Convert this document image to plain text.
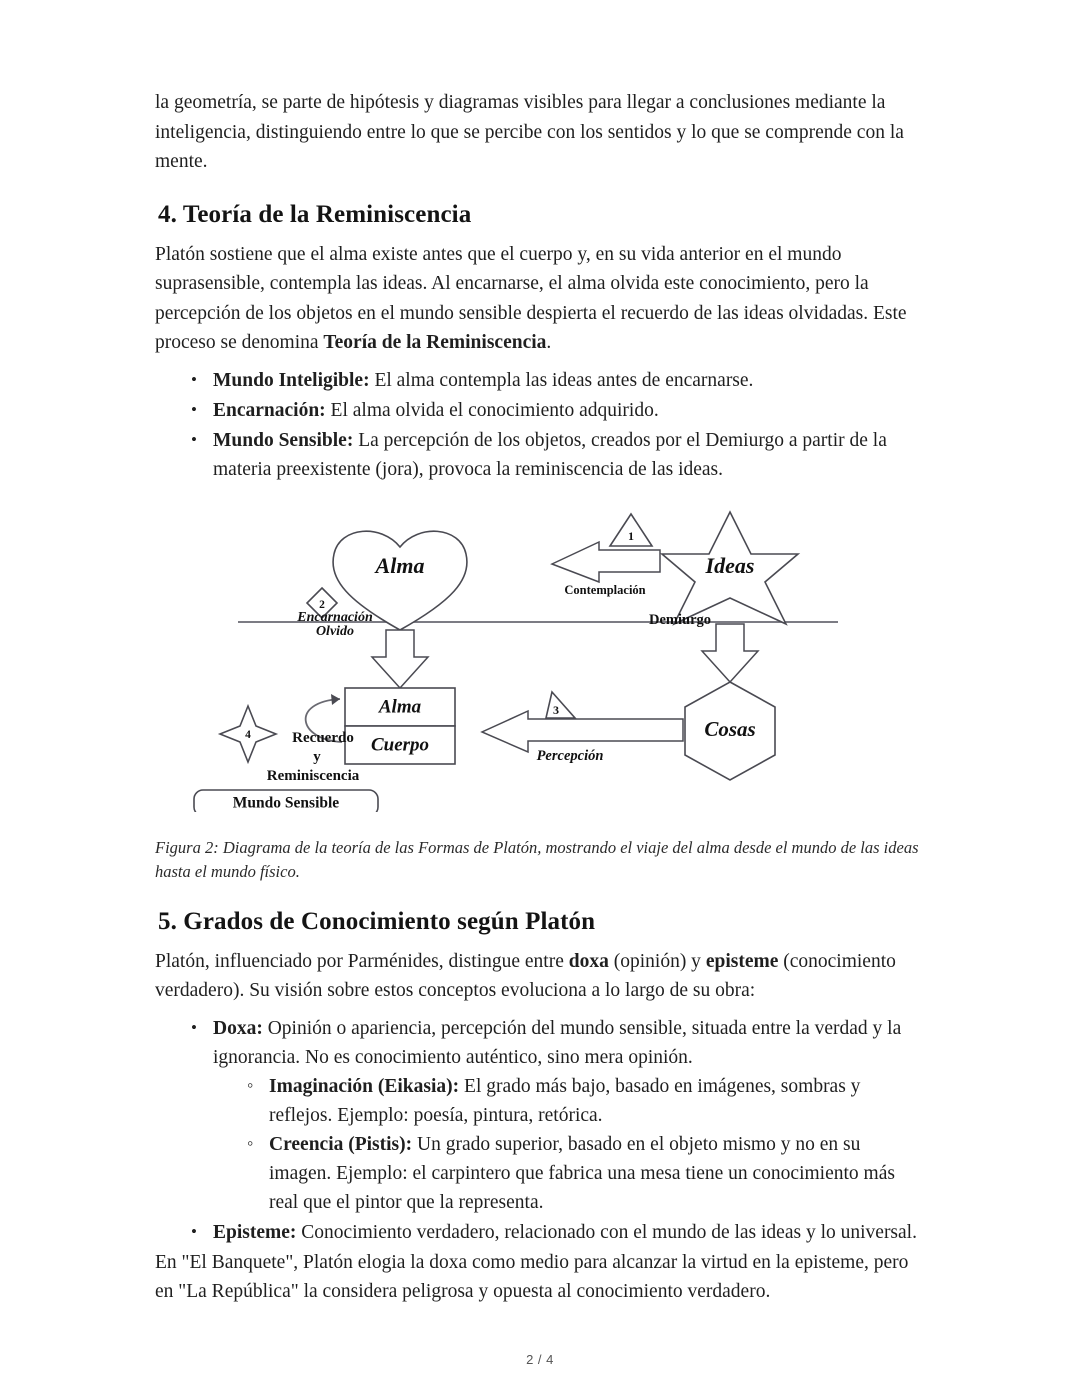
la geometría, se parte de hipótesis y diagramas visibles para llegar a conclusiones mediante la inteligencia, distinguiendo entre lo que se percibe con los sentidos y lo que se comprende con la mente.

4. Teoría de la Reminiscencia

Platón sostiene que el alma existe antes que el cuerpo y, en su vida anterior en el mundo suprasensible, contempla las ideas. Al encarnarse, el alma olvida este conocimiento, pero la percepción de los objetos en el mundo sensible despierta el recuerdo de las ideas olvidadas. Este proceso se denomina Teoría de la Reminiscencia.

• Mundo Inteligible: El alma contempla las ideas antes de encarnarse.
• Encarnación: El alma olvida el conocimiento adquirido.
• Mundo Sensible: La percepción de los objetos, creados por el Demiurgo a partir de la materia preexistente (jora), provoca la reminiscencia de las ideas.
Alma	Ideas
Contemplación
1
2
Encarnación
Olvido
Demiurgo
Alma
Cuerpo
Cosas
Percepción
3
4	Recuerdo
y
Reminiscencia
Mundo Sensible

Figura 2: Diagrama de la teoría de las Formas de Platón, mostrando el viaje del alma desde el mundo de las ideas hasta el mundo físico.

5. Grados de Conocimiento según Platón

Platón, influenciado por Parménides, distingue entre doxa (opinión) y episteme (conocimiento verdadero). Su visión sobre estos conceptos evoluciona a lo largo de su obra:

• Doxa: Opinión o apariencia, percepción del mundo sensible, situada entre la verdad y la ignorancia. No es conocimiento auténtico, sino mera opinión.
◦ Imaginación (Eikasia): El grado más bajo, basado en imágenes, sombras y reflejos. Ejemplo: poesía, pintura, retórica.
◦ Creencia (Pistis): Un grado superior, basado en el objeto mismo y no en su imagen. Ejemplo: el carpintero que fabrica una mesa tiene un conocimiento más real que el pintor que la representa.
• Episteme: Conocimiento verdadero, relacionado con el mundo de las ideas y lo universal.

En "El Banquete", Platón elogia la doxa como medio para alcanzar la virtud en la episteme, pero en "La República" la considera peligrosa y opuesta al conocimiento verdadero.

2 / 4
